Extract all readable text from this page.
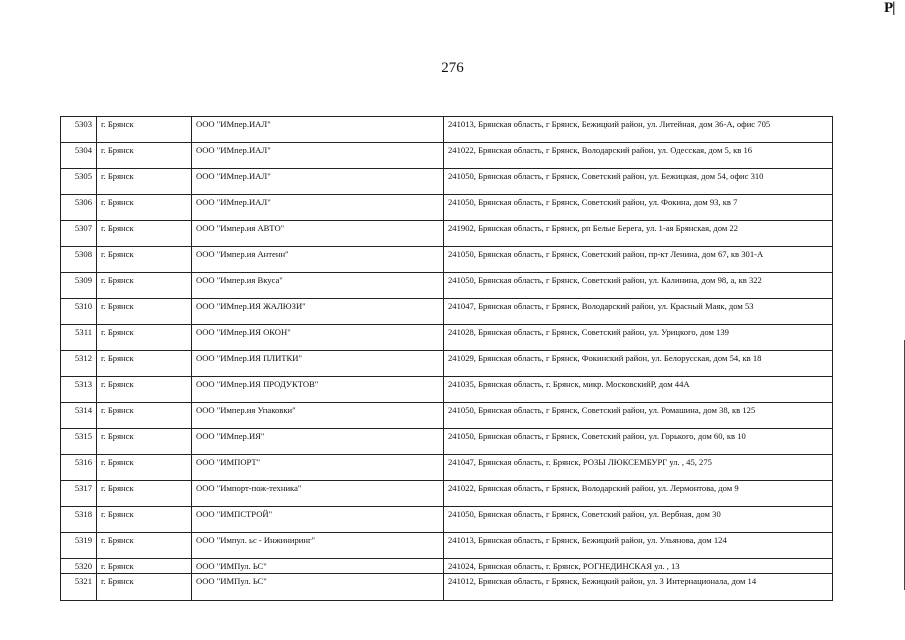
P|
276
5303	г. Брянск	ООО "ИМпер.ИАЛ"	241013, Брянская область, г Брянск, Бежицкий район, ул. Литейная, дом 36-А, офис 705
5304	г. Брянск	ООО "ИМпер.ИАЛ"	241022, Брянская область, г Брянск, Володарский район, ул. Одесская, дом 5, кв 16
5305	г. Брянск	ООО "ИМпер.ИАЛ"	241050, Брянская область, г Брянск, Советский район, ул. Бежицкая, дом 54, офис 310
5306	г. Брянск	ООО "ИМпер.ИАЛ"	241050, Брянская область, г Брянск, Советский район, ул. Фокина, дом 93, кв 7
5307	г. Брянск	ООО "Импер.ия АВТО"	241902, Брянская область, г Брянск, рп Белые Берега, ул. 1-ая Брянская, дом 22
5308	г. Брянск	ООО "Импер.ия Антенн"	241050, Брянская область, г Брянск, Советский район, пр-кт Ленина, дом 67, кв 301-А
5309	г. Брянск	ООО "Импер.ия Вкуса"	241050, Брянская область, г Брянск, Советский район, ул. Калинина, дом 98, а, кв 322
5310	г. Брянск	ООО "ИМпер.ИЯ ЖАЛЮЗИ"	241047, Брянская область, г Брянск, Володарский район, ул. Красный Маяк, дом 53
5311	г. Брянск	ООО "ИМпер.ИЯ ОКОН"	241028, Брянская область, г Брянск, Советский район, ул. Урицкого, дом 139
5312	г. Брянск	ООО "ИМпер.ИЯ ПЛИТКИ"	241029, Брянская область, г Брянск, Фокинский район, ул. Белорусская, дом 54, кв 18
5313	г. Брянск	ООО "ИМпер.ИЯ ПРОДУКТОВ"	241035, Брянская область, г. Брянск, микр. МосковскийР, дом 44А
5314	г. Брянск	ООО "Импер.ия Упаковки"	241050, Брянская область, г Брянск, Советский район, ул. Ромашина, дом 38, кв 125
5315	г. Брянск	ООО "ИМпер.ИЯ"	241050, Брянская область, г Брянск, Советский район, ул. Горького, дом 60, кв 10
5316	г. Брянск	ООО "ИМПОРТ"	241047, Брянская область, г. Брянск, РОЗЫ ЛЮКСЕМБУРГ ул. , 45, 275
5317	г. Брянск	ООО "Импорт-пож-техника"	241022, Брянская область, г Брянск, Володарский район, ул. Лермонтова, дом 9
5318	г. Брянск	ООО "ИМПСТРОЙ"	241050, Брянская область, г Брянск, Советский район, ул. Вербная, дом 30
5319	г. Брянск	ООО "Импул. ьс - Инжиниринг"	241013, Брянская область, г Брянск, Бежицкий район, ул. Ульянова, дом 124
5320	г. Брянск	ООО "ИМПул. ЬС"	241024, Брянская область, г. Брянск, РОГНЕДИНСКАЯ ул. , 13
5321	г. Брянск	ООО "ИМПул. ЬС"	241012, Брянская область, г Брянск, Бежицкий район, ул. 3 Интернационала, дом 14
